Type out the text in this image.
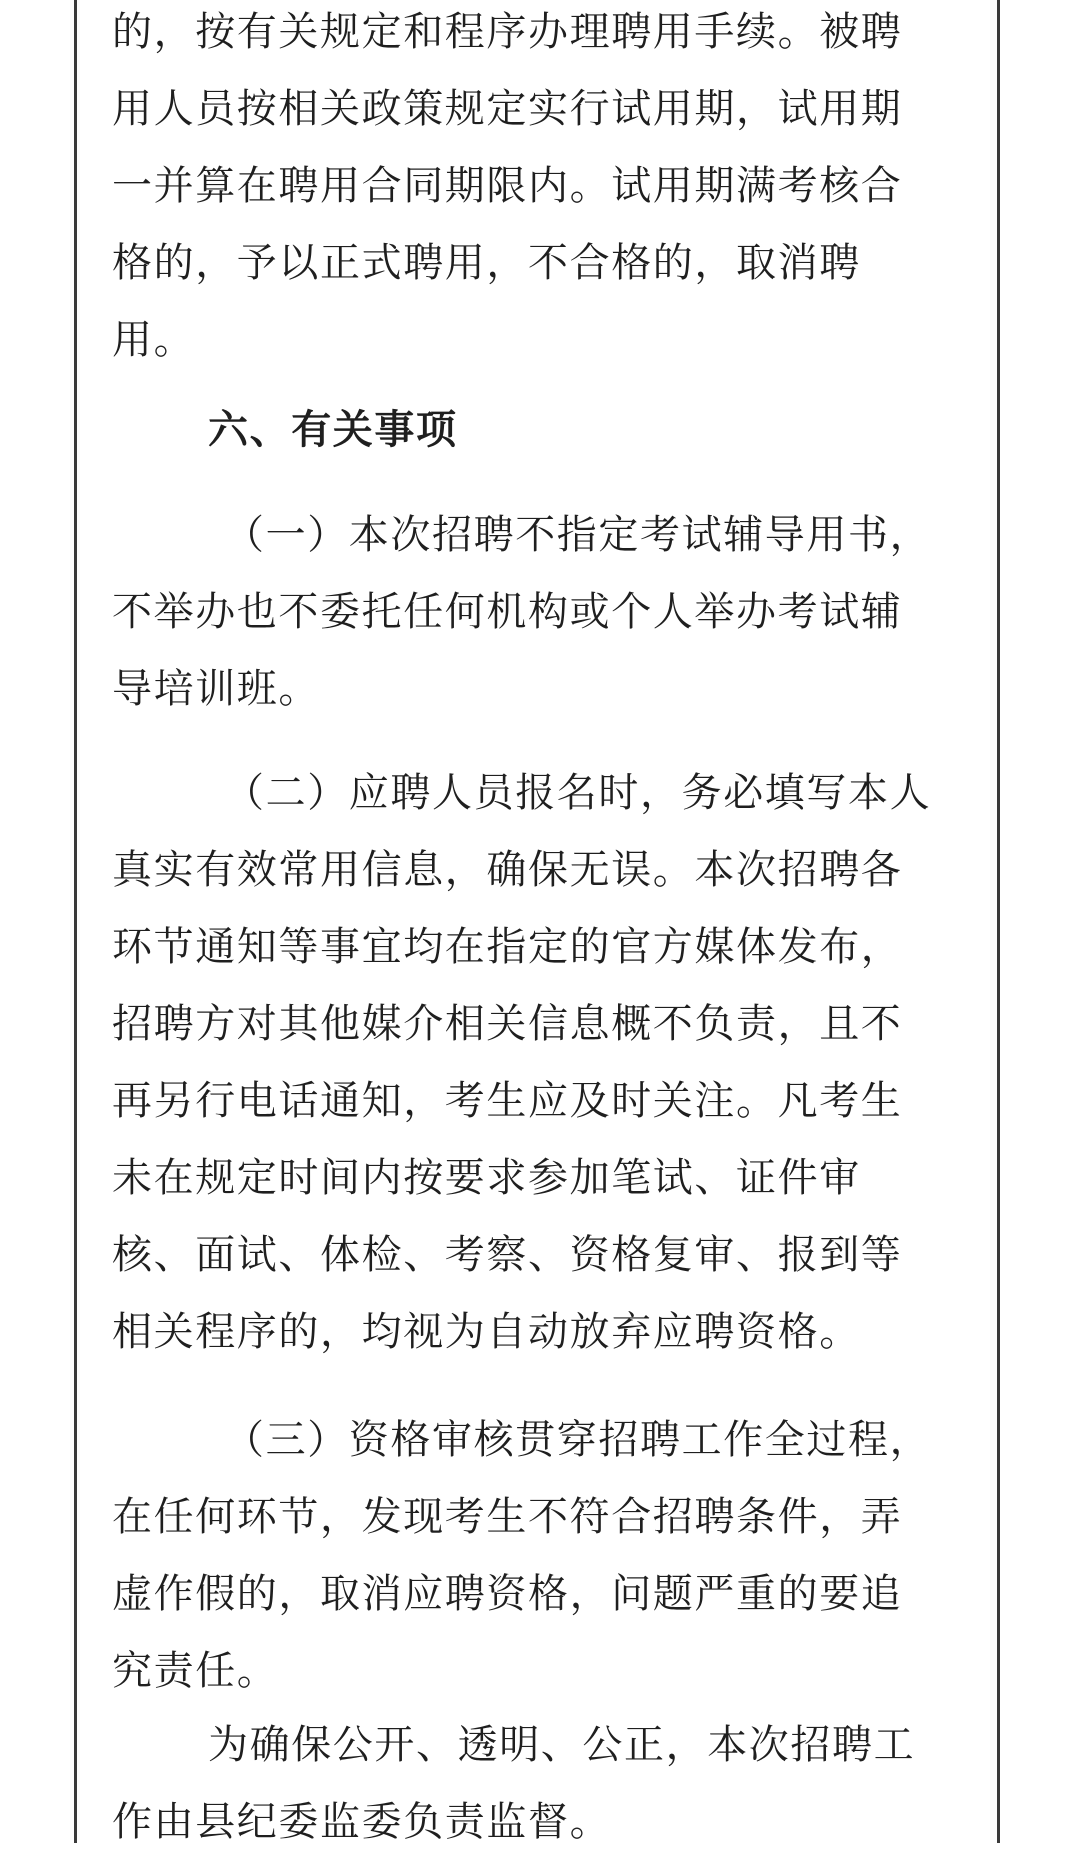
的，按有关规定和程序办理聘用手续。被聘
用人员按相关政策规定实行试用期，试用期
一并算在聘用合同期限内。试用期满考核合
格的，予以正式聘用，不合格的，取消聘
用。

六、有关事项

（一）本次招聘不指定考试辅导用书，
不举办也不委托任何机构或个人举办考试辅
导培训班。

（二）应聘人员报名时，务必填写本人
真实有效常用信息，确保无误。本次招聘各
环节通知等事宜均在指定的官方媒体发布，
招聘方对其他媒介相关信息概不负责，且不
再另行电话通知，考生应及时关注。凡考生
未在规定时间内按要求参加笔试、证件审
核、面试、体检、考察、资格复审、报到等
相关程序的，均视为自动放弃应聘资格。

（三）资格审核贯穿招聘工作全过程，
在任何环节，发现考生不符合招聘条件，弄
虚作假的，取消应聘资格，问题严重的要追
究责任。

为确保公开、透明、公正，本次招聘工
作由县纪委监委负责监督。
